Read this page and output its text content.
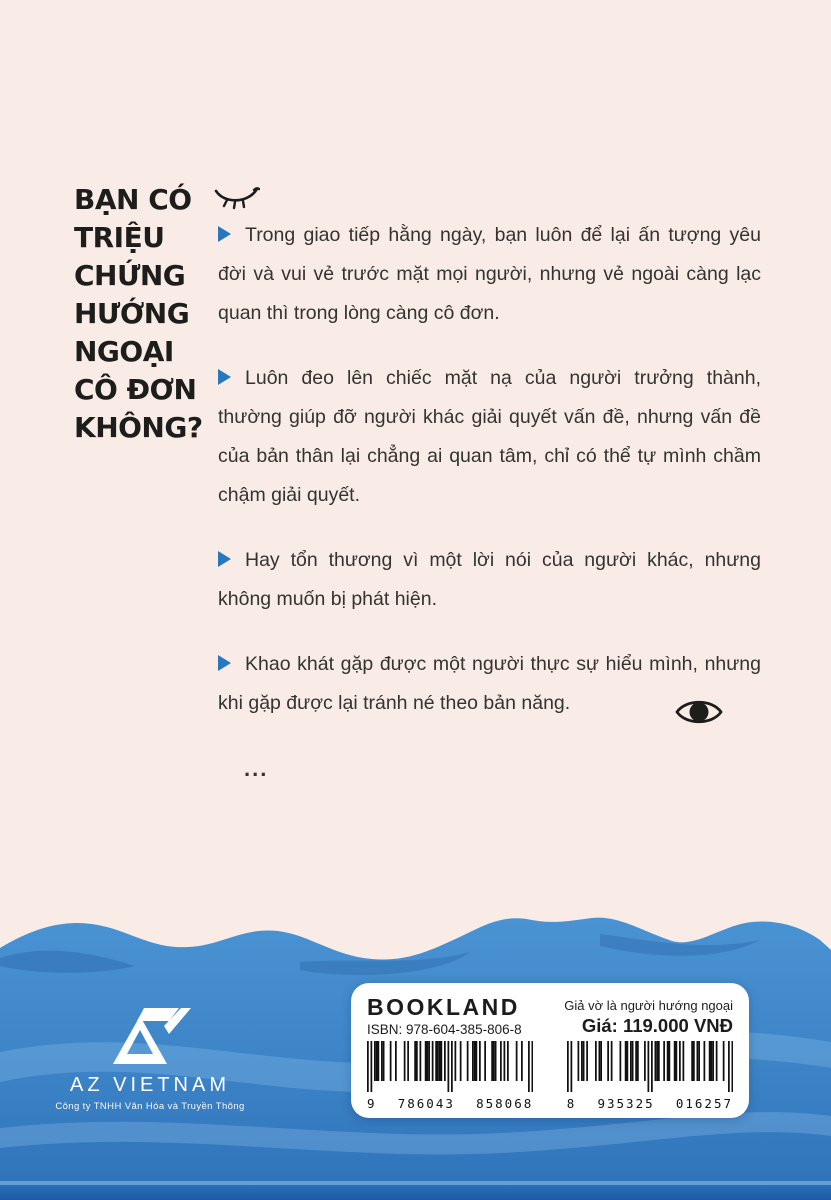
BẠN CÓ
TRIỆU
CHỨNG
HƯỚNG
NGOẠI
CÔ ĐƠN
KHÔNG?

Trong giao tiếp hằng ngày, bạn luôn để lại ấn tượng yêu đời và vui vẻ trước mặt mọi người, nhưng vẻ ngoài càng lạc quan thì trong lòng càng cô đơn.

Luôn đeo lên chiếc mặt nạ của người trưởng thành, thường giúp đỡ người khác giải quyết vấn đề, nhưng vấn đề của bản thân lại chẳng ai quan tâm, chỉ có thể tự mình chầm chậm giải quyết.

Hay tổn thương vì một lời nói của người khác, nhưng không muốn bị phát hiện.

Khao khát gặp được một người thực sự hiểu mình, nhưng khi gặp được lại tránh né theo bản năng.

...
AZ VIETNAM
Công ty TNHH Văn Hóa và Truyền Thông
BOOKLAND
ISBN: 978-604-385-806-8
9 786043 858068
Giả vờ là người hướng ngoại
Giá: 119.000 VNĐ
8 935325 016257
